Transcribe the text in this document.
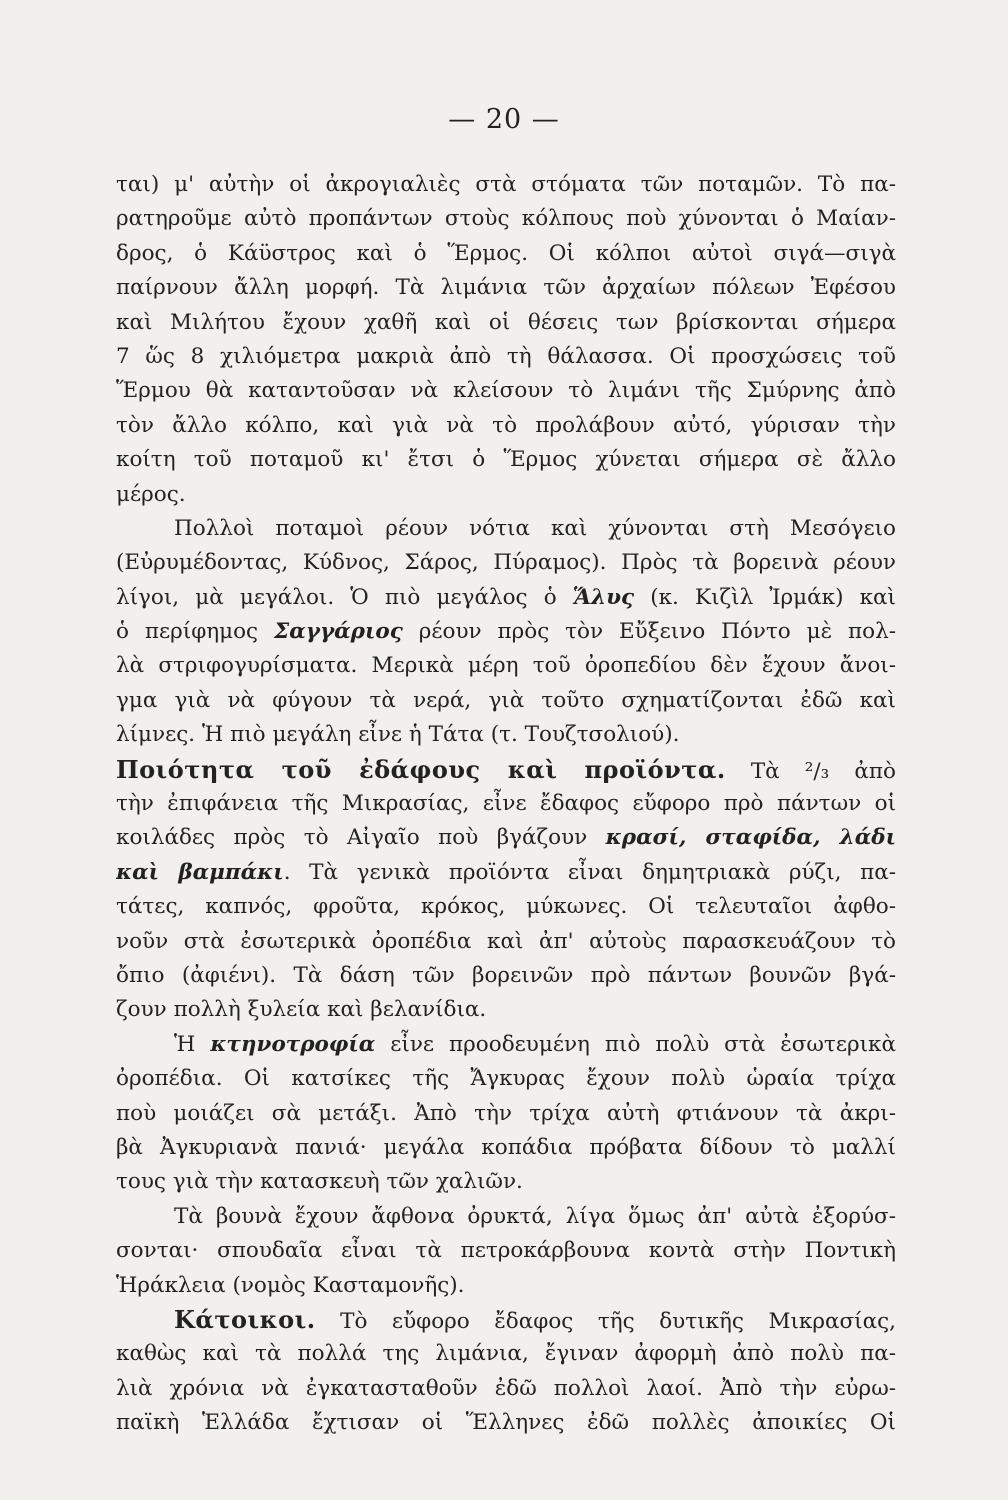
— 20 —
ται) μ' αὐτὴν οἱ ἀκρογιαλιὲς στὰ στόματα τῶν ποταμῶν. Τὸ πα-
ρατηροῦμε αὐτὸ προπάντων στοὺς κόλπους ποὺ χύνονται ὁ Μαίαν-
δρος, ὁ Κάϋστρος καὶ ὁ Ἕρμος. Οἱ κόλποι αὐτοὶ σιγά—σιγὰ
παίρνουν ἄλλη μορφή. Τὰ λιμάνια τῶν ἀρχαίων πόλεων Ἐφέσου
καὶ Μιλήτου ἔχουν χαθῆ καὶ οἱ θέσεις των βρίσκονται σήμερα
7 ὥς 8 χιλιόμετρα μακριὰ ἀπὸ τὴ θάλασσα. Οἱ προσχώσεις τοῦ
Ἕρμου θὰ καταντοῦσαν νὰ κλείσουν τὸ λιμάνι τῆς Σμύρνης ἀπὸ
τὸν ἄλλο κόλπο, καὶ γιὰ νὰ τὸ προλάβουν αὐτό, γύρισαν τὴν
κοίτη τοῦ ποταμοῦ κι' ἔτσι ὁ Ἕρμος χύνεται σήμερα σὲ ἄλλο
μέρος.
Πολλοὶ ποταμοὶ ρέουν νότια καὶ χύνονται στὴ Μεσόγειο
(Εὐρυμέδοντας, Κύδνος, Σάρος, Πύραμος). Πρὸς τὰ βορεινὰ ρέουν
λίγοι, μὰ μεγάλοι. Ὁ πιὸ μεγάλος ὁ Ἅλυς (κ. Κιζὶλ Ἰρμάκ) καὶ
ὁ περίφημος Σαγγάριος ρέουν πρὸς τὸν Εὔξεινο Πόντο μὲ πολ-
λὰ στριφογυρίσματα. Μερικὰ μέρη τοῦ ὀροπεδίου δὲν ἔχουν ἄνοι-
γμα γιὰ νὰ φύγουν τὰ νερά, γιὰ τοῦτο σχηματίζονται ἐδῶ καὶ
λίμνες. Ἡ πιὸ μεγάλη εἶνε ἡ Τάτα (τ. Τουζτσολιού).
Ποιότητα τοῦ ἐδάφους καὶ προϊόντα. Τὰ ²/₃ ἀπὸ
τὴν ἐπιφάνεια τῆς Μικρασίας, εἶνε ἔδαφος εὔφορο πρὸ πάντων οἱ
κοιλάδες πρὸς τὸ Αἰγαῖο ποὺ βγάζουν κρασί, σταφίδα, λάδι
καὶ βαμπάκι. Τὰ γενικὰ προϊόντα εἶναι δημητριακὰ ρύζι, πα-
τάτες, καπνός, φροῦτα, κρόκος, μύκωνες. Οἱ τελευταῖοι ἀφθο-
νοῦν στὰ ἐσωτερικὰ ὀροπέδια καὶ ἀπ' αὐτοὺς παρασκευάζουν τὸ
ὄπιο (ἀφιένι). Τὰ δάση τῶν βορεινῶν πρὸ πάντων βουνῶν βγά-
ζουν πολλὴ ξυλεία καὶ βελανίδια.
Ἡ κτηνοτροφία εἶνε προοδευμένη πιὸ πολὺ στὰ ἐσωτερικὰ
ὀροπέδια. Οἱ κατσίκες τῆς Ἄγκυρας ἔχουν πολὺ ὡραία τρίχα
ποὺ μοιάζει σὰ μετάξι. Ἀπὸ τὴν τρίχα αὐτὴ φτιάνουν τὰ ἀκρι-
βὰ Ἀγκυριανὰ πανιά· μεγάλα κοπάδια πρόβατα δίδουν τὸ μαλλί
τους γιὰ τὴν κατασκευὴ τῶν χαλιῶν.
Τὰ βουνὰ ἔχουν ἄφθονα ὀρυκτά, λίγα ὅμως ἀπ' αὐτὰ ἐξορύσ-
σονται· σπουδαῖα εἶναι τὰ πετροκάρβουνα κοντὰ στὴν Ποντικὴ
Ἡράκλεια (νομὸς Κασταμονῆς).
Κάτοικοι. Τὸ εὔφορο ἔδαφος τῆς δυτικῆς Μικρασίας,
καθὼς καὶ τὰ πολλά της λιμάνια, ἔγιναν ἀφορμὴ ἀπὸ πολὺ πα-
λιὰ χρόνια νὰ ἐγκατασταθοῦν ἐδῶ πολλοὶ λαοί. Ἀπὸ τὴν εὐρω-
παϊκὴ Ἑλλάδα ἔχτισαν οἱ Ἕλληνες ἐδῶ πολλὲς ἀποικίες Οἱ
